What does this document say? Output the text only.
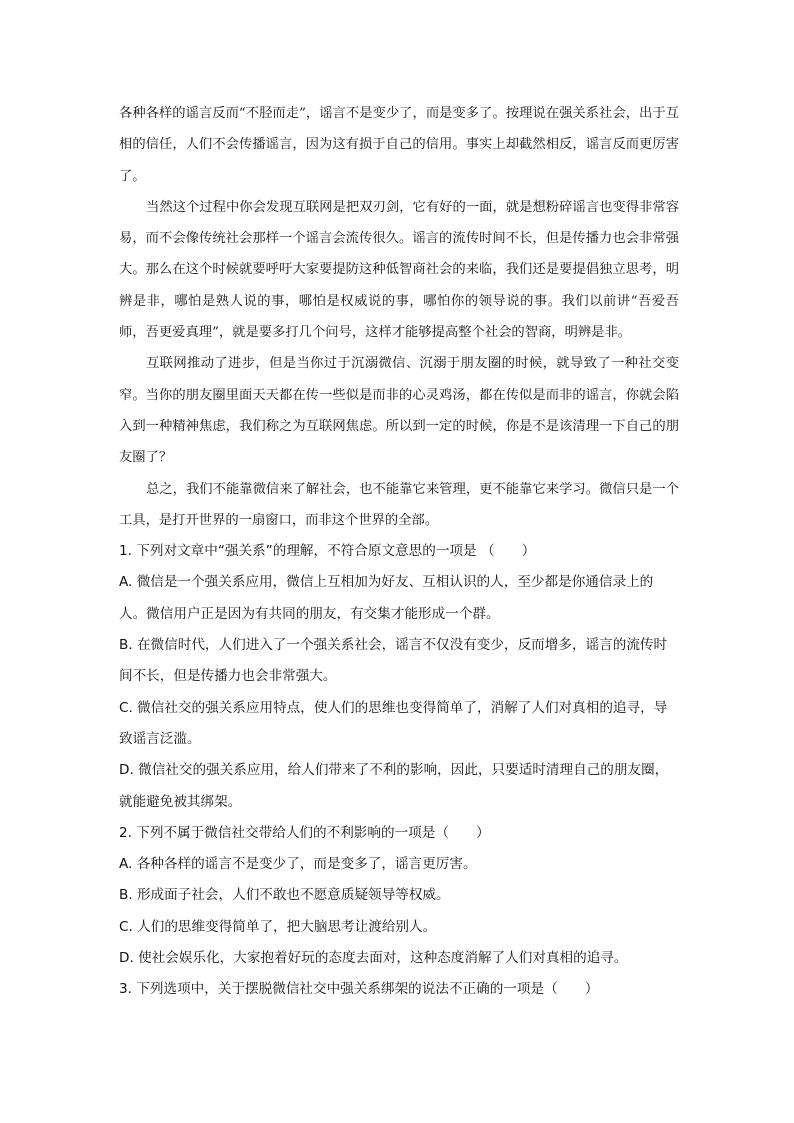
各种各样的谣言反而“不胫而走”，谣言不是变少了，而是变多了。按理说在强关系社会，出于互相的信任，人们不会传播谣言，因为这有损于自己的信用。事实上却截然相反，谣言反而更厉害了。

当然这个过程中你会发现互联网是把双刃剑，它有好的一面，就是想粉碎谣言也变得非常容易，而不会像传统社会那样一个谣言会流传很久。谣言的流传时间不长，但是传播力也会非常强大。那么在这个时候就要呼吁大家要提防这种低智商社会的来临，我们还是要提倡独立思考，明辨是非，哪怕是熟人说的事，哪怕是权威说的事，哪怕你的领导说的事。我们以前讲“吾爱吾师，吾更爱真理”，就是要多打几个问号，这样才能够提高整个社会的智商，明辨是非。

互联网推动了进步，但是当你过于沉溺微信、沉溺于朋友圈的时候，就导致了一种社交变窄。当你的朋友圈里面天天都在传一些似是而非的心灵鸡汤，都在传似是而非的谣言，你就会陷入到一种精神焦虑，我们称之为互联网焦虑。所以到一定的时候，你是不是该清理一下自己的朋友圈了？

总之，我们不能靠微信来了解社会，也不能靠它来管理，更不能靠它来学习。微信只是一个工具，是打开世界的一扇窗口，而非这个世界的全部。

1. 下列对文章中“强关系”的理解，不符合原文意思的一项是 （　　）

A. 微信是一个强关系应用，微信上互相加为好友、互相认识的人，至少都是你通信录上的人。微信用户正是因为有共同的朋友，有交集才能形成一个群。

B. 在微信时代，人们进入了一个强关系社会，谣言不仅没有变少，反而增多，谣言的流传时间不长，但是传播力也会非常强大。

C. 微信社交的强关系应用特点，使人们的思维也变得简单了，消解了人们对真相的追寻，导致谣言泛滥。

D. 微信社交的强关系应用，给人们带来了不利的影响，因此，只要适时清理自己的朋友圈，就能避免被其绑架。

2. 下列不属于微信社交带给人们的不利影响的一项是（　　）

A. 各种各样的谣言不是变少了，而是变多了，谣言更厉害。

B. 形成面子社会，人们不敢也不愿意质疑领导等权威。

C. 人们的思维变得简单了，把大脑思考让渡给别人。

D. 使社会娱乐化，大家抱着好玩的态度去面对，这种态度消解了人们对真相的追寻。

3. 下列选项中，关于摆脱微信社交中强关系绑架的说法不正确的一项是（　　）
